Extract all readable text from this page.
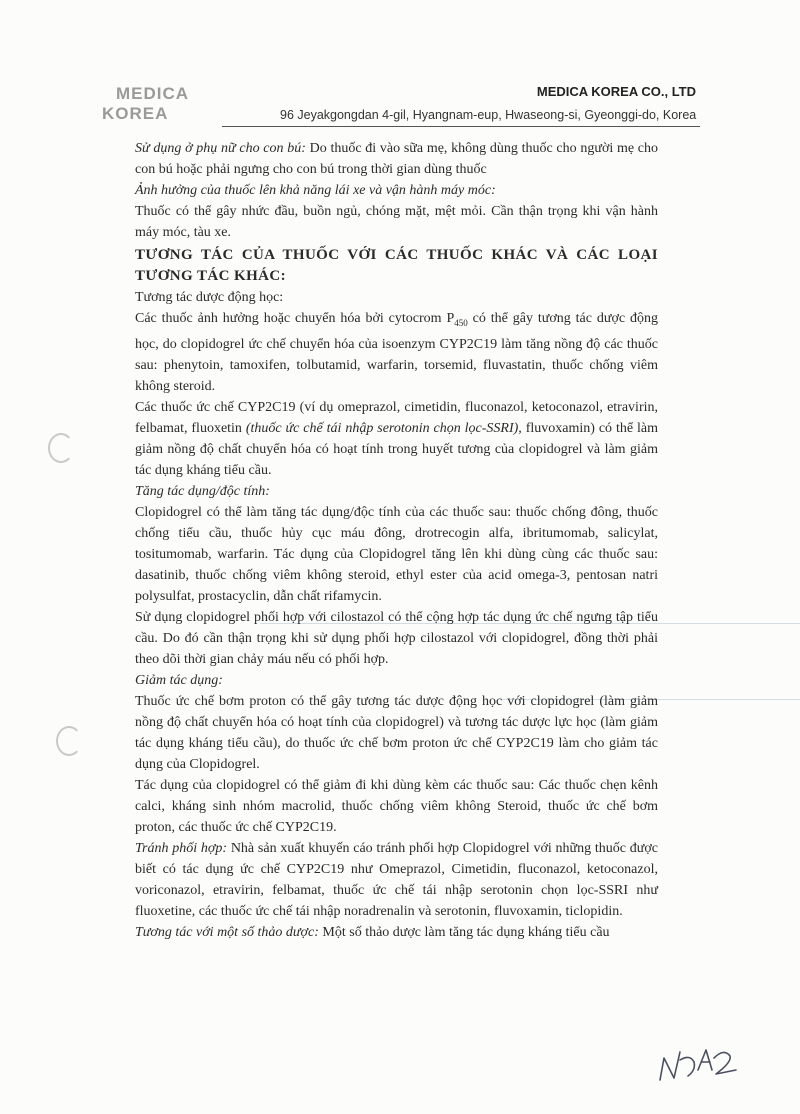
MEDICA
KOREA
MEDICA KOREA CO., LTD
96 Jeyakgongdan 4-gil, Hyangnam-eup, Hwaseong-si, Gyeonggi-do, Korea

Sử dụng ở phụ nữ cho con bú: Do thuốc đi vào sữa mẹ, không dùng thuốc cho người mẹ cho con bú hoặc phải ngưng cho con bú trong thời gian dùng thuốc

Ảnh hưởng của thuốc lên khả năng lái xe và vận hành máy móc:

Thuốc có thể gây nhức đầu, buồn ngủ, chóng mặt, mệt mỏi. Cần thận trọng khi vận hành máy móc, tàu xe.

TƯƠNG TÁC CỦA THUỐC VỚI CÁC THUỐC KHÁC VÀ CÁC LOẠI TƯƠNG TÁC KHÁC:

Tương tác dược động học:

Các thuốc ảnh hưởng hoặc chuyển hóa bởi cytocrom $P_{450}$ có thể gây tương tác dược động học, do clopidogrel ức chế chuyển hóa của isoenzym CYP2C19 làm tăng nồng độ các thuốc sau: phenytoin, tamoxifen, tolbutamid, warfarin, torsemid, fluvastatin, thuốc chống viêm không steroid.

Các thuốc ức chế CYP2C19 (ví dụ omeprazol, cimetidin, fluconazol, ketoconazol, etravirin, felbamat, fluoxetin (thuốc ức chế tái nhập serotonin chọn lọc-SSRI), fluvoxamin) có thể làm giảm nồng độ chất chuyển hóa có hoạt tính trong huyết tương của clopidogrel và làm giảm tác dụng kháng tiểu cầu.

Tăng tác dụng/độc tính:

Clopidogrel có thể làm tăng tác dụng/độc tính của các thuốc sau: thuốc chống đông, thuốc chống tiểu cầu, thuốc hủy cục máu đông, drotrecogin alfa, ibritumomab, salicylat, tositumomab, warfarin. Tác dụng của Clopidogrel tăng lên khi dùng cùng các thuốc sau: dasatinib, thuốc chống viêm không steroid, ethyl ester của acid omega-3, pentosan natri polysulfat, prostacyclin, dẫn chất rifamycin.

Sử dụng clopidogrel phối hợp với cilostazol có thể cộng hợp tác dụng ức chế ngưng tập tiểu cầu. Do đó cần thận trọng khi sử dụng phối hợp cilostazol với clopidogrel, đồng thời phải theo dõi thời gian chảy máu nếu có phối hợp.

Giảm tác dụng:

Thuốc ức chế bơm proton có thể gây tương tác dược động học với clopidogrel (làm giảm nồng độ chất chuyển hóa có hoạt tính của clopidogrel) và tương tác dược lực học (làm giảm tác dụng kháng tiểu cầu), do thuốc ức chế bơm proton ức chế CYP2C19 làm cho giảm tác dụng của Clopidogrel.

Tác dụng của clopidogrel có thể giảm đi khi dùng kèm các thuốc sau: Các thuốc chẹn kênh calci, kháng sinh nhóm macrolid, thuốc chống viêm không Steroid, thuốc ức chế bơm proton, các thuốc ức chế CYP2C19.

Tránh phối hợp: Nhà sản xuất khuyến cáo tránh phối hợp Clopidogrel với những thuốc được biết có tác dụng ức chế CYP2C19 như Omeprazol, Cimetidin, fluconazol, ketoconazol, voriconazol, etravirin, felbamat, thuốc ức chế tái nhập serotonin chọn lọc-SSRI như fluoxetine, các thuốc ức chế tái nhập noradrenalin và serotonin, fluvoxamin, ticlopidin.

Tương tác với một số thảo dược: Một số thảo dược làm tăng tác dụng kháng tiểu cầu
